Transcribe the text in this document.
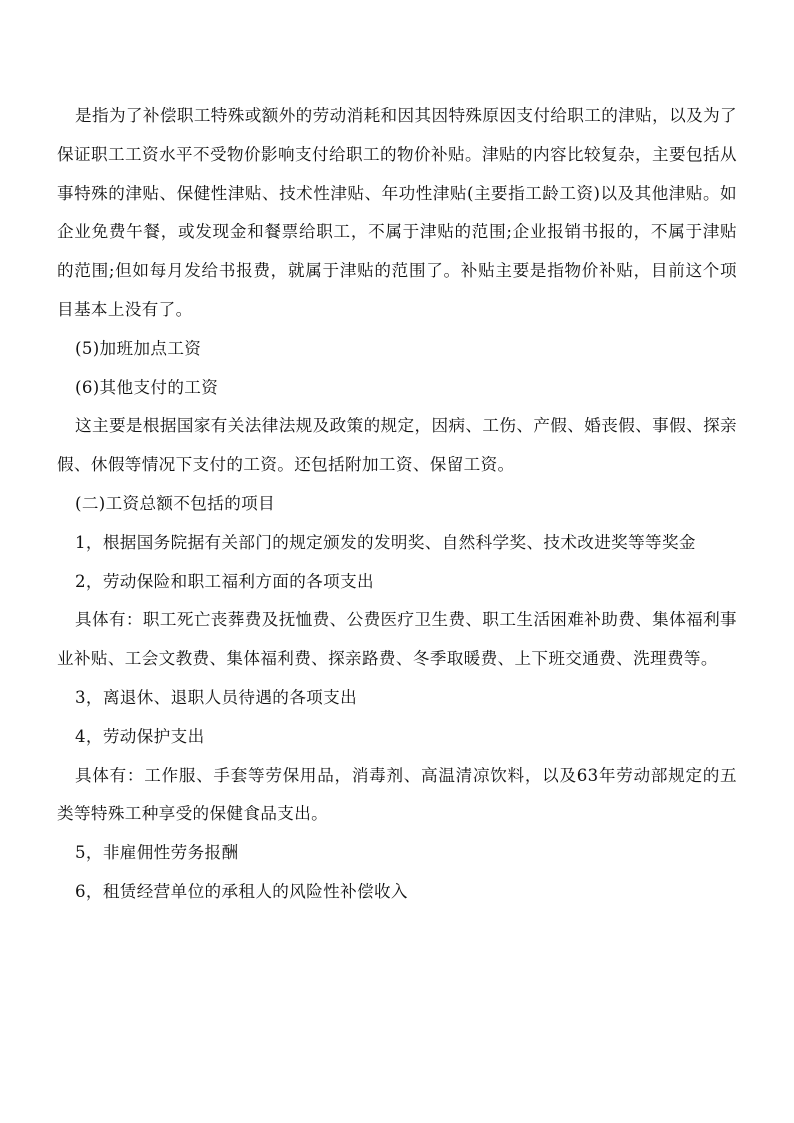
是指为了补偿职工特殊或额外的劳动消耗和因其因特殊原因支付给职工的津贴，以及为了保证职工工资水平不受物价影响支付给职工的物价补贴。津贴的内容比较复杂，主要包括从事特殊的津贴、保健性津贴、技术性津贴、年功性津贴(主要指工龄工资)以及其他津贴。如企业免费午餐，或发现金和餐票给职工，不属于津贴的范围;企业报销书报的，不属于津贴的范围;但如每月发给书报费，就属于津贴的范围了。补贴主要是指物价补贴，目前这个项目基本上没有了。

(5)加班加点工资

(6)其他支付的工资

这主要是根据国家有关法律法规及政策的规定，因病、工伤、产假、婚丧假、事假、探亲假、休假等情况下支付的工资。还包括附加工资、保留工资。

(二)工资总额不包括的项目

1，根据国务院据有关部门的规定颁发的发明奖、自然科学奖、技术改进奖等等奖金

2，劳动保险和职工福利方面的各项支出

具体有：职工死亡丧葬费及抚恤费、公费医疗卫生费、职工生活困难补助费、集体福利事业补贴、工会文教费、集体福利费、探亲路费、冬季取暖费、上下班交通费、洗理费等。

3，离退休、退职人员待遇的各项支出

4，劳动保护支出

具体有：工作服、手套等劳保用品，消毒剂、高温清凉饮料，以及63年劳动部规定的五类等特殊工种享受的保健食品支出。

5，非雇佣性劳务报酬

6，租赁经营单位的承租人的风险性补偿收入
